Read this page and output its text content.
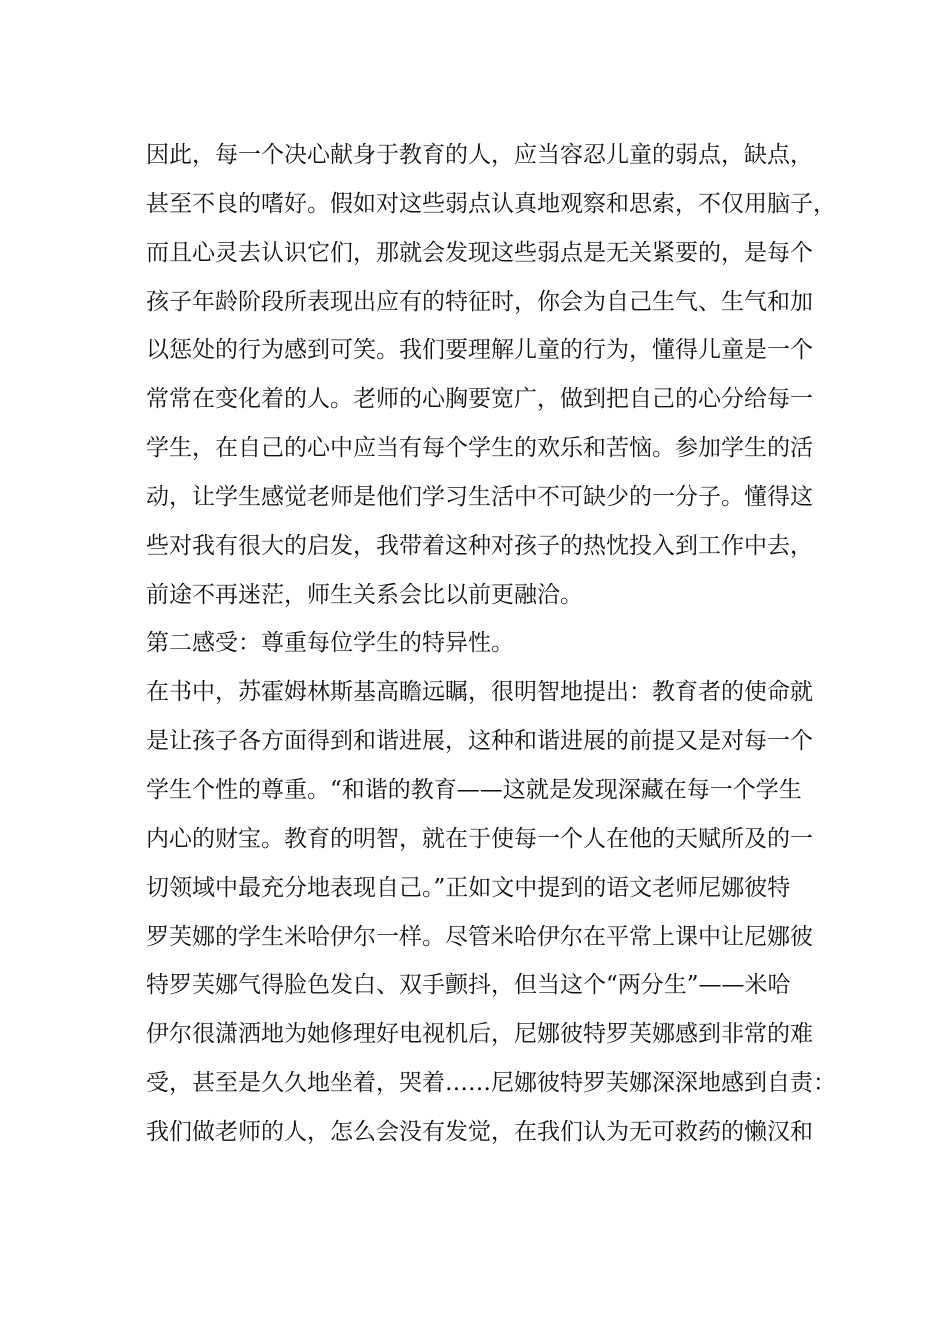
因此，每一个决心献身于教育的人，应当容忍儿童的弱点，缺点，
甚至不良的嗜好。假如对这些弱点认真地观察和思索，不仅用脑子，
而且心灵去认识它们，那就会发现这些弱点是无关紧要的，是每个
孩子年龄阶段所表现出应有的特征时，你会为自己生气、生气和加
以惩处的行为感到可笑。我们要理解儿童的行为，懂得儿童是一个
常常在变化着的人。老师的心胸要宽广，做到把自己的心分给每一
学生，在自己的心中应当有每个学生的欢乐和苦恼。参加学生的活
动，让学生感觉老师是他们学习生活中不可缺少的一分子。懂得这
些对我有很大的启发，我带着这种对孩子的热忱投入到工作中去，
前途不再迷茫，师生关系会比以前更融洽。
第二感受：尊重每位学生的特异性。
在书中，苏霍姆林斯基高瞻远瞩，很明智地提出：教育者的使命就
是让孩子各方面得到和谐进展，这种和谐进展的前提又是对每一个
学生个性的尊重。“和谐的教育——这就是发现深藏在每一个学生
内心的财宝。教育的明智，就在于使每一个人在他的天赋所及的一
切领域中最充分地表现自己。”正如文中提到的语文老师尼娜彼特
罗芙娜的学生米哈伊尔一样。尽管米哈伊尔在平常上课中让尼娜彼
特罗芙娜气得脸色发白、双手颤抖，但当这个“两分生”——米哈
伊尔很潇洒地为她修理好电视机后，尼娜彼特罗芙娜感到非常的难
受，甚至是久久地坐着，哭着……尼娜彼特罗芙娜深深地感到自责：
我们做老师的人，怎么会没有发觉，在我们认为无可救药的懒汉和
